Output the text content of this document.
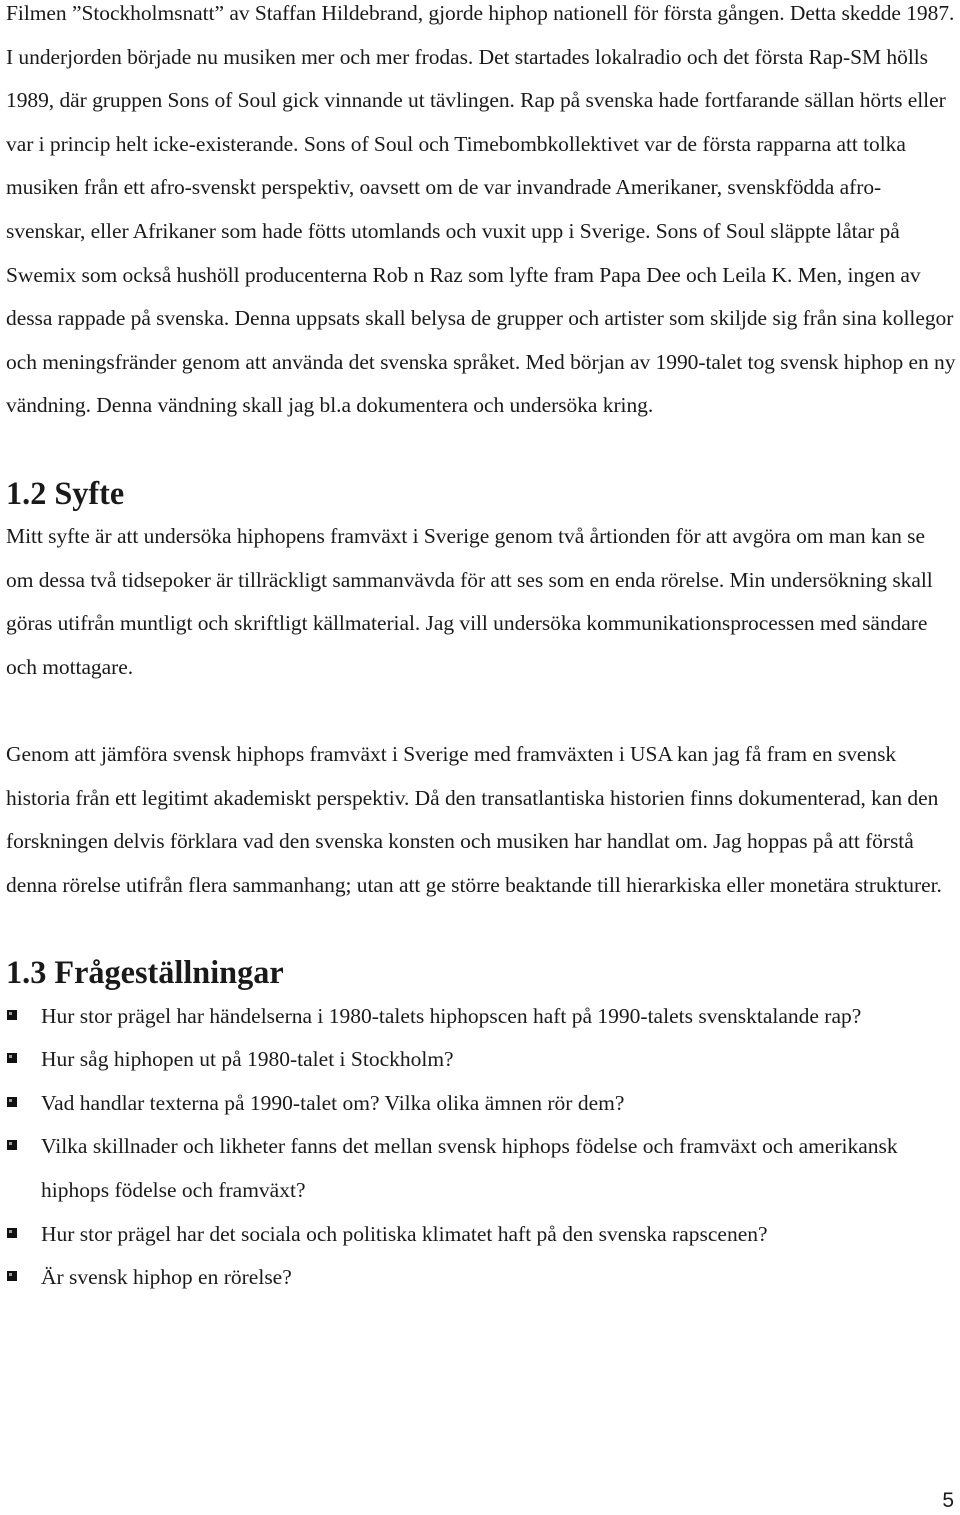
Filmen ”Stockholmsnatt” av Staffan Hildebrand, gjorde hiphop nationell för första gången. Detta skedde 1987. I underjorden började nu musiken mer och mer frodas. Det startades lokalradio och det första Rap-SM hölls 1989, där gruppen Sons of Soul gick vinnande ut tävlingen. Rap på svenska hade fortfarande sällan hörts eller var i princip helt icke-existerande. Sons of Soul och Timebombkollektivet var de första rapparna att tolka musiken från ett afro-svenskt perspektiv, oavsett om de var invandrade Amerikaner, svenskfödda afro-svenskar, eller Afrikaner som hade fötts utomlands och vuxit upp i Sverige. Sons of Soul släppte låtar på Swemix som också hushöll producenterna Rob n Raz som lyfte fram Papa Dee och Leila K. Men, ingen av dessa rappade på svenska. Denna uppsats skall belysa de grupper och artister som skiljde sig från sina kollegor och meningsfränder genom att använda det svenska språket. Med början av 1990-talet tog svensk hiphop en ny vändning. Denna vändning skall jag bl.a dokumentera och undersöka kring.

1.2 Syfte

Mitt syfte är att undersöka hiphopens framväxt i Sverige genom två årtionden för att avgöra om man kan se om dessa två tidsepoker är tillräckligt sammanvävda för att ses som en enda rörelse. Min undersökning skall göras utifrån muntligt och skriftligt källmaterial. Jag vill undersöka kommunikationsprocessen med sändare och mottagare.

Genom att jämföra svensk hiphops framväxt i Sverige med framväxten i USA kan jag få fram en svensk historia från ett legitimt akademiskt perspektiv. Då den transatlantiska historien finns dokumenterad, kan den forskningen delvis förklara vad den svenska konsten och musiken har handlat om. Jag hoppas på att förstå denna rörelse utifrån flera sammanhang; utan att ge större beaktande till hierarkiska eller monetära strukturer.

1.3 Frågeställningar
Hur stor prägel har händelserna i 1980-talets hiphopscen haft på 1990-talets svensktalande rap?
Hur såg hiphopen ut på 1980-talet i Stockholm?
Vad handlar texterna på 1990-talet om? Vilka olika ämnen rör dem?
Vilka skillnader och likheter fanns det mellan svensk hiphops födelse och framväxt och amerikansk hiphops födelse och framväxt?
Hur stor prägel har det sociala och politiska klimatet haft på den svenska rapscenen?
Är svensk hiphop en rörelse?
5
